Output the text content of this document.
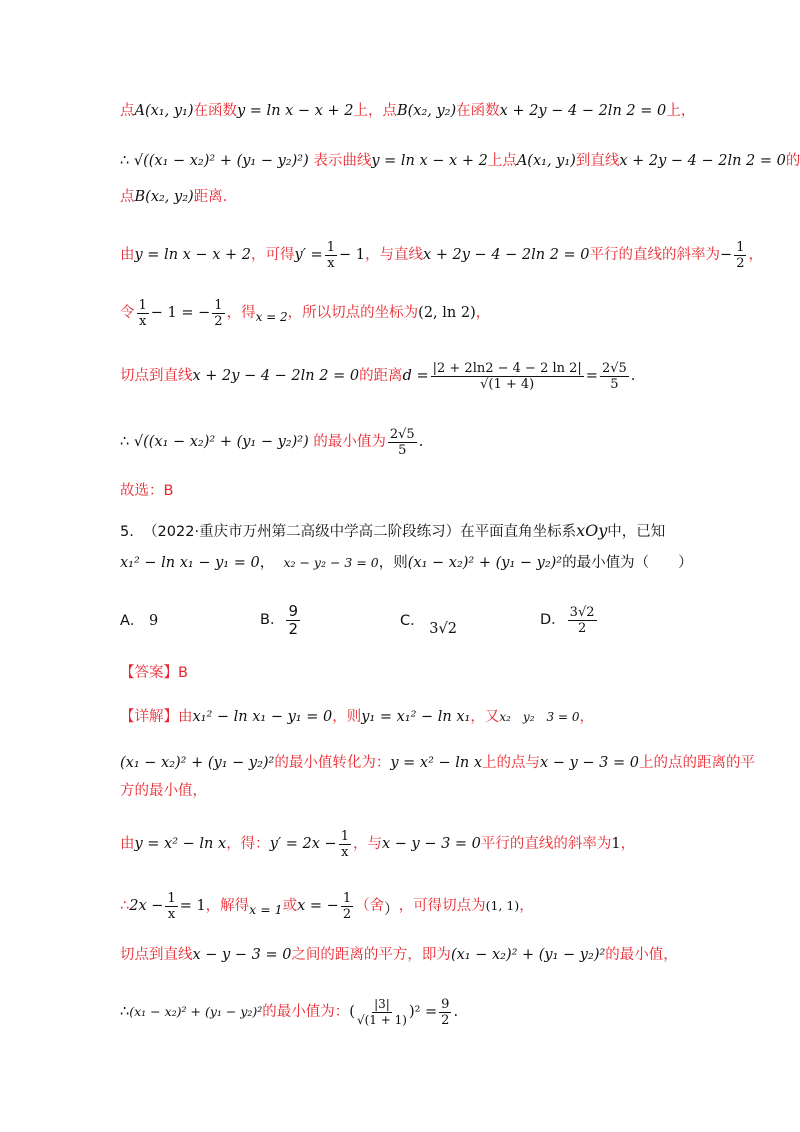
点A(x₁, y₁)在函数y = ln x − x + 2上，点B(x₂, y₂)在函数x + 2y − 4 − 2ln 2 = 0上，
∴ √((x₁ − x₂)² + (y₁ − y₂)²) 表示曲线y = ln x − x + 2上点A(x₁, y₁)到直线x + 2y − 4 − 2ln 2 = 0的
点B(x₂, y₂)距离.
由 y = ln x − x + 2 ，可得 $y' = \frac{1}{x} - 1$ ，与直线 x + 2y − 4 − 2ln 2 = 0 平行的直线的斜率为 − $\frac{1}{2}$ ，
令 $\frac{1}{x} - 1$ = − $\frac{1}{2}$ ，得 x = 2 ，所以切点的坐标为 (2, ln 2) ，
切点到直线 x + 2y − 4 − 2ln 2 = 0 的距离 $d = \frac{|2 + 2\ln 2 - 4 - 2 \ln 2|}{√(1 + 4)} = \frac{2√5}{5}$ .
∴
√((x₁ − x₂)² + (y₁ − y₂)²)
的最小值为 $\frac{2√5}{5}$ .
故选：B
5. （2022·重庆市万州第二高级中学高二阶段练习）在平面直角坐标系xOy中，已知
x₁² − ln x₁ − y₁ = 0， x₂ − y₂ − 3 = 0，则(x₁ − x₂)² + (y₁ − y₂)²的最小值为（　　）
A． 9	B． $\frac{9}{2}$	C． 3√2
D． $\frac{3√2}{2}$
【答案】B
【详解】由x₁² − ln x₁ − y₁ = 0，则y₁ = x₁² − ln x₁，又x₂　y₂　3 = 0，
(x₁ − x₂)² + (y₁ − y₂)²的最小值转化为：y = x² − ln x上的点与x − y − 3 = 0上的点的距离的平
方的最小值，
由 y = x² − ln x ，得： $y' = 2x - \frac{1}{x}$ ，与 x − y − 3 = 0 平行的直线的斜率为 1 ，
∴ $2x - \frac{1}{x} = 1$ ，解得 x = 1 或 x = − $\frac{1}{2}$ （舍 ） ，可得切点为 (1, 1) ，
切点到直线x − y − 3 = 0之间的距离的平方，即为(x₁ − x₂)² + (y₁ − y₂)²的最小值，
∴ (x₁ − x₂)² + (y₁ − y₂)² 的最小值为： ( $\frac{|3|}{√(1 + 1)} )^2 = \frac{9}{2}$ .
